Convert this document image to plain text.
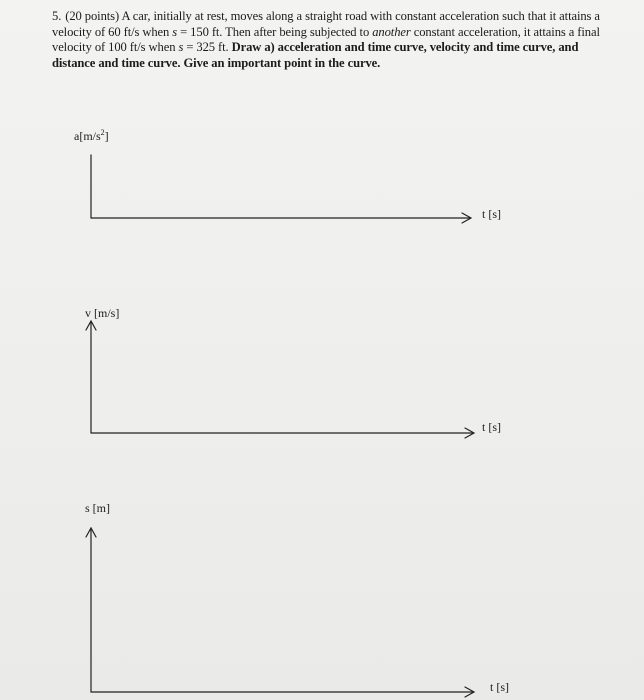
5. (20 points) A car, initially at rest, moves along a straight road with constant acceleration such that it attains a velocity of 60 ft/s when s = 150 ft. Then after being subjected to another constant acceleration, it attains a final velocity of 100 ft/s when s = 325 ft. Draw a) acceleration and time curve, velocity and time curve, and distance and time curve. Give an important point in the curve.
$a[m/s^2]$
t [s]
v [m/s]
t [s]
s [m]
t [s]
